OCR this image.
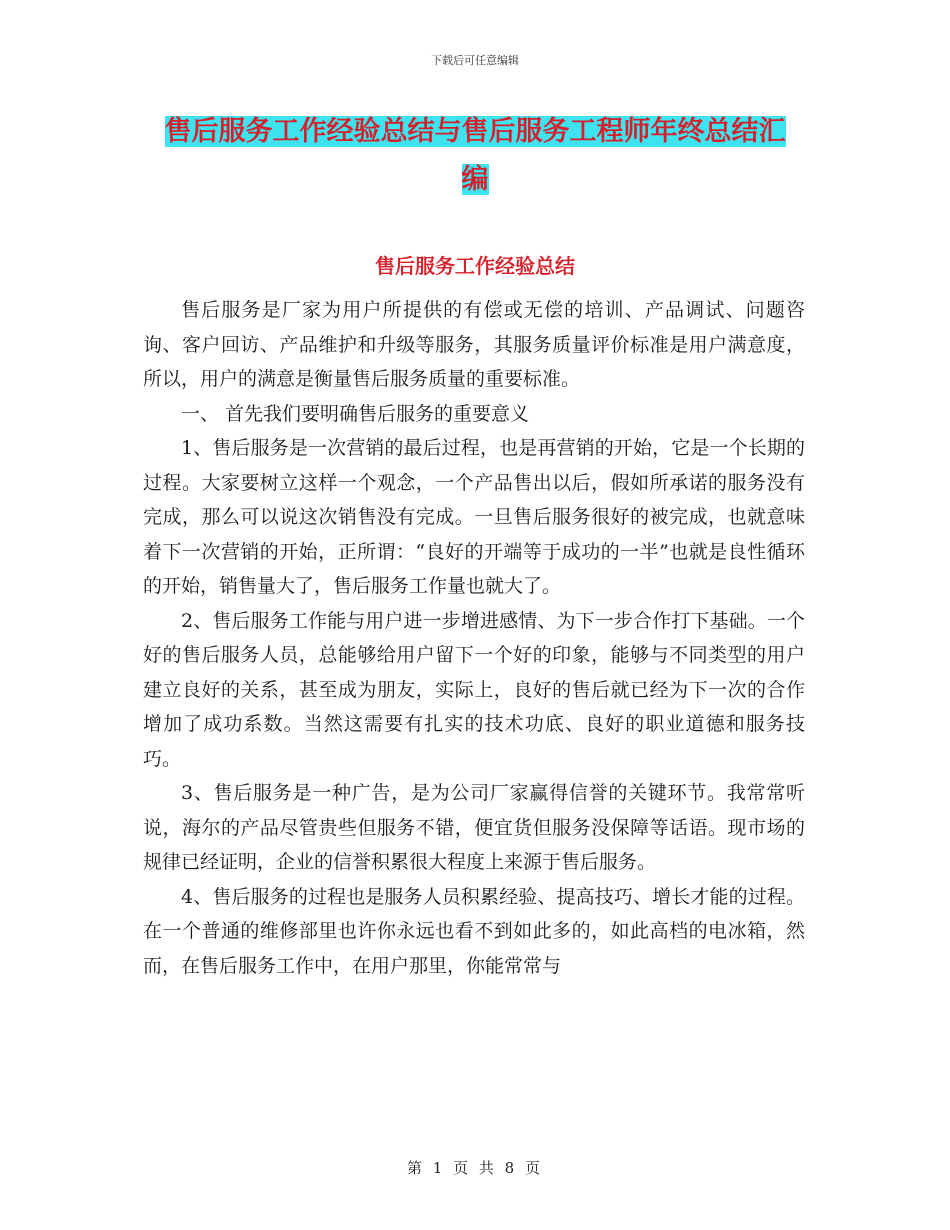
下载后可任意编辑
售后服务工作经验总结与售后服务工程师年终总结汇
编
售后服务工作经验总结

售后服务是厂家为用户所提供的有偿或无偿的培训、产品调试、问题咨询、客户回访、产品维护和升级等服务，其服务质量评价标准是用户满意度，所以，用户的满意是衡量售后服务质量的重要标准。

一、 首先我们要明确售后服务的重要意义

1、售后服务是一次营销的最后过程，也是再营销的开始，它是一个长期的过程。大家要树立这样一个观念，一个产品售出以后，假如所承诺的服务没有完成，那么可以说这次销售没有完成。一旦售后服务很好的被完成，也就意味着下一次营销的开始，正所谓：“良好的开端等于成功的一半”也就是良性循环的开始，销售量大了，售后服务工作量也就大了。

2、售后服务工作能与用户进一步增进感情、为下一步合作打下基础。一个好的售后服务人员，总能够给用户留下一个好的印象，能够与不同类型的用户建立良好的关系，甚至成为朋友，实际上，良好的售后就已经为下一次的合作增加了成功系数。当然这需要有扎实的技术功底、良好的职业道德和服务技巧。

3、售后服务是一种广告，是为公司厂家赢得信誉的关键环节。我常常听说，海尔的产品尽管贵些但服务不错，便宜货但服务没保障等话语。现市场的规律已经证明，企业的信誉积累很大程度上来源于售后服务。

4、售后服务的过程也是服务人员积累经验、提高技巧、增长才能的过程。在一个普通的维修部里也许你永远也看不到如此多的，如此高档的电冰箱，然而，在售后服务工作中，在用户那里，你能常常与

第 1 页 共 8 页
